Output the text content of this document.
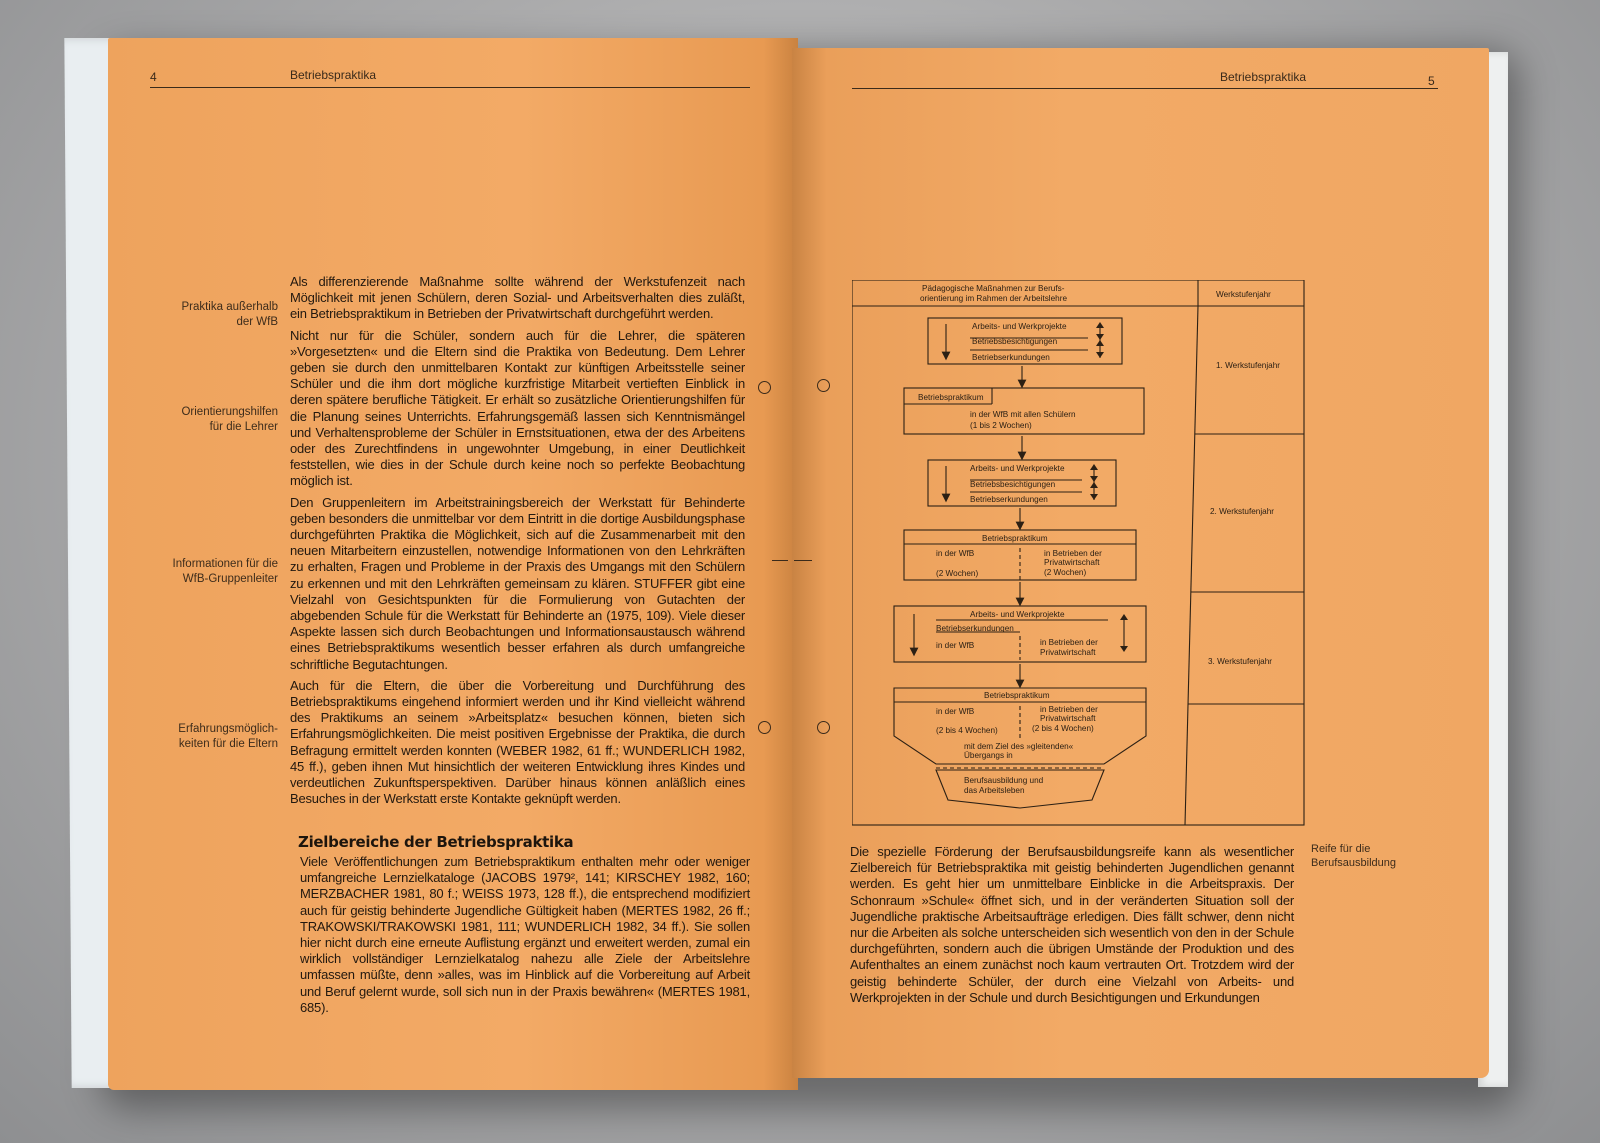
4	Betriebspraktika
Praktika außerhalb
der WfB
Orientierungshilfen
für die Lehrer
Informationen für die
WfB-Gruppenleiter
Erfahrungsmöglich-
keiten für die Eltern

Als differenzierende Maßnahme sollte während der Werkstufenzeit nach Möglichkeit mit jenen Schülern, deren Sozial- und Arbeitsverhalten dies zuläßt, ein Betriebspraktikum in Betrieben der Privatwirtschaft durchgeführt werden.

Nicht nur für die Schüler, sondern auch für die Lehrer, die späteren »Vorgesetzten« und die Eltern sind die Praktika von Bedeutung. Dem Lehrer geben sie durch den unmittelbaren Kontakt zur künftigen Arbeitsstelle seiner Schüler und die ihm dort mögliche kurzfristige Mitarbeit vertieften Einblick in deren spätere berufliche Tätigkeit. Er erhält so zusätzliche Orientierungshilfen für die Planung seines Unterrichts. Erfahrungsgemäß lassen sich Kenntnismängel und Verhaltensprobleme der Schüler in Ernstsituationen, etwa der des Arbeitens oder des Zurechtfindens in ungewohnter Umgebung, in einer Deutlichkeit feststellen, wie dies in der Schule durch keine noch so perfekte Beobachtung möglich ist.

Den Gruppenleitern im Arbeitstrainingsbereich der Werkstatt für Behinderte geben besonders die unmittelbar vor dem Eintritt in die dortige Ausbildungsphase durchgeführten Praktika die Möglichkeit, sich auf die Zusammenarbeit mit den neuen Mitarbeitern einzustellen, notwendige Informationen von den Lehrkräften zu erhalten, Fragen und Probleme in der Praxis des Umgangs mit den Schülern zu erkennen und mit den Lehrkräften gemeinsam zu klären. STUFFER gibt eine Vielzahl von Gesichtspunkten für die Formulierung von Gutachten der abgebenden Schule für die Werkstatt für Behinderte an (1975, 109). Viele dieser Aspekte lassen sich durch Beobachtungen und Informationsaustausch während eines Betriebspraktikums wesentlich besser erfahren als durch umfangreiche schriftliche Begutachtungen.

Auch für die Eltern, die über die Vorbereitung und Durchführung des Betriebspraktikums eingehend informiert werden und ihr Kind vielleicht während des Praktikums an seinem »Arbeitsplatz« besuchen können, bieten sich Erfahrungsmöglichkeiten. Die meist positiven Ergebnisse der Praktika, die durch Befragung ermittelt werden konnten (WEBER 1982, 61 ff.; WUNDERLICH 1982, 45 ff.), geben ihnen Mut hinsichtlich der weiteren Entwicklung ihres Kindes und verdeutlichen Zukunftsperspektiven. Darüber hinaus können anläßlich eines Besuches in der Werkstatt erste Kontakte geknüpft werden.

Zielbereiche der Betriebspraktika

Viele Veröffentlichungen zum Betriebspraktikum enthalten mehr oder weniger umfangreiche Lernzielkataloge (JACOBS 1979², 141; KIRSCHEY 1982, 160; MERZBACHER 1981, 80 f.; WEISS 1973, 128 ff.), die entsprechend modifiziert auch für geistig behinderte Jugendliche Gültigkeit haben (MERTES 1982, 26 ff.; TRAKOWSKI/TRAKOWSKI 1981, 111; WUNDERLICH 1982, 34 ff.). Sie sollen hier nicht durch eine erneute Auflistung ergänzt und erweitert werden, zumal ein wirklich vollständiger Lernzielkatalog nahezu alle Ziele der Arbeitslehre umfassen müßte, denn »alles, was im Hinblick auf die Vorbereitung auf Arbeit und Beruf gelernt wurde, soll sich nun in der Praxis bewähren« (MERTES 1981, 685).

Betriebspraktika	5
Reife für die
Berufsausbildung

Die spezielle Förderung der Berufsausbildungsreife kann als wesentlicher Zielbereich für Betriebspraktika mit geistig behinderten Jugendlichen genannt werden. Es geht hier um unmittelbare Einblicke in die Arbeitspraxis. Der Schonraum »Schule« öffnet sich, und in der veränderten Situation soll der Jugendliche praktische Arbeitsaufträge erledigen. Dies fällt schwer, denn nicht nur die Arbeiten als solche unterscheiden sich wesentlich von den in der Schule durchgeführten, sondern auch die übrigen Umstände der Produktion und des Aufenthaltes an einem zunächst noch kaum vertrauten Ort. Trotzdem wird der geistig behinderte Schüler, der durch eine Vielzahl von Arbeits- und Werkprojekten in der Schule und durch Besichtigungen und Erkundungen

Pädagogische Maßnahmen zur Berufs-
orientierung im Rahmen der Arbeitslehre	Werkstufenjahr
1. Werkstufenjahr
2. Werkstufenjahr
3. Werkstufenjahr
Arbeits- und Werkprojekte
Betriebsbesichtigungen
Betriebserkundungen
Betriebspraktikum
in der WfB mit allen Schülern
(1 bis 2 Wochen)
Arbeits- und Werkprojekte
Betriebsbesichtigungen
Betriebserkundungen
Betriebspraktikum
in der WfB	in Betrieben der
Privatwirtschaft
(2 Wochen)	(2 Wochen)
Arbeits- und Werkprojekte
Betriebserkundungen
in der WfB	in Betrieben der
Privatwirtschaft
Betriebspraktikum
in der WfB	in Betrieben der
Privatwirtschaft
(2 bis 4 Wochen)	(2 bis 4 Wochen)
mit dem Ziel des »gleitenden«
Übergangs in
Berufsausbildung und
das Arbeitsleben
